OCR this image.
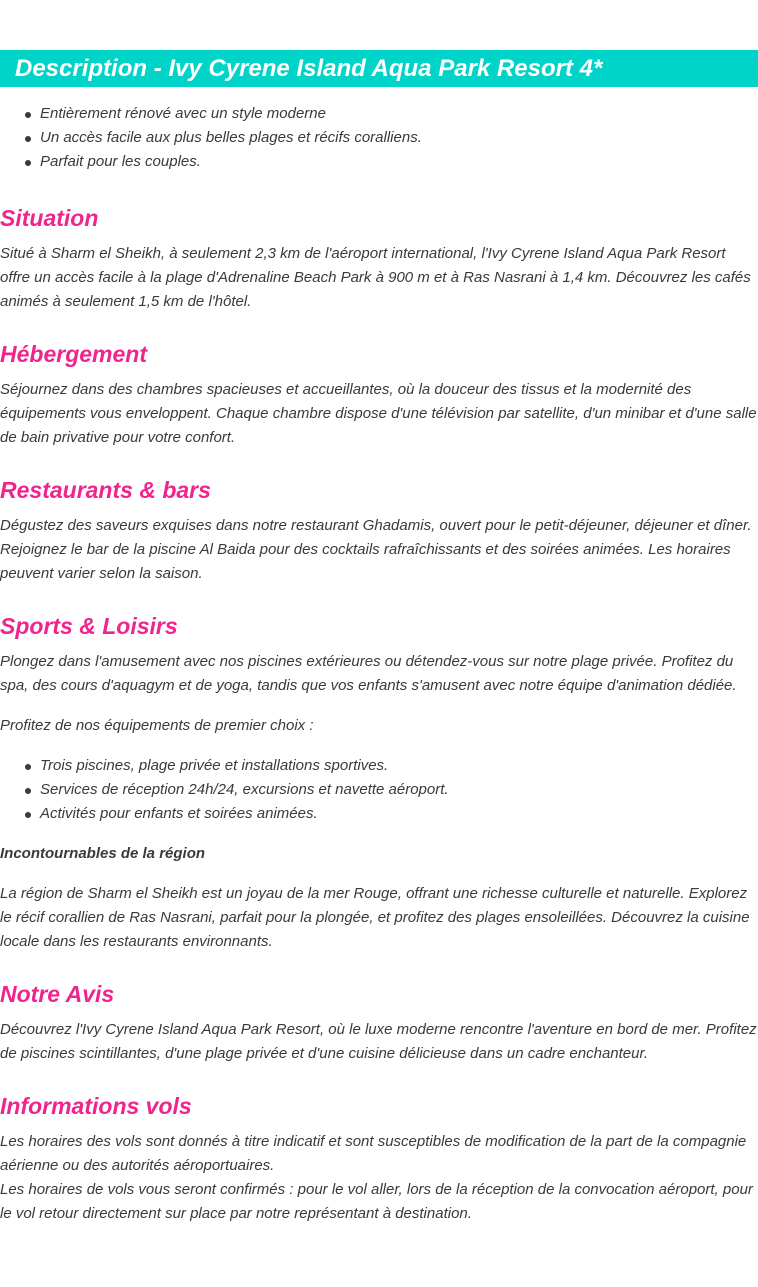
Description - Ivy Cyrene Island Aqua Park Resort 4*
Entièrement rénové avec un style moderne
Un accès facile aux plus belles plages et récifs coralliens.
Parfait pour les couples.
Situation

Situé à Sharm el Sheikh, à seulement 2,3 km de l'aéroport international, l'Ivy Cyrene Island Aqua Park Resort offre un accès facile à la plage d'Adrenaline Beach Park à 900 m et à Ras Nasrani à 1,4 km. Découvrez les cafés animés à seulement 1,5 km de l'hôtel.

Hébergement

Séjournez dans des chambres spacieuses et accueillantes, où la douceur des tissus et la modernité des équipements vous enveloppent. Chaque chambre dispose d'une télévision par satellite, d'un minibar et d'une salle de bain privative pour votre confort.

Restaurants & bars

Dégustez des saveurs exquises dans notre restaurant Ghadamis, ouvert pour le petit-déjeuner, déjeuner et dîner. Rejoignez le bar de la piscine Al Baida pour des cocktails rafraîchissants et des soirées animées. Les horaires peuvent varier selon la saison.

Sports & Loisirs

Plongez dans l'amusement avec nos piscines extérieures ou détendez-vous sur notre plage privée. Profitez du spa, des cours d'aquagym et de yoga, tandis que vos enfants s'amusent avec notre équipe d'animation dédiée.

Profitez de nos équipements de premier choix :

Trois piscines, plage privée et installations sportives.
Services de réception 24h/24, excursions et navette aéroport.
Activités pour enfants et soirées animées.

Incontournables de la région

La région de Sharm el Sheikh est un joyau de la mer Rouge, offrant une richesse culturelle et naturelle. Explorez le récif corallien de Ras Nasrani, parfait pour la plongée, et profitez des plages ensoleillées. Découvrez la cuisine locale dans les restaurants environnants.

Notre Avis

Découvrez l'Ivy Cyrene Island Aqua Park Resort, où le luxe moderne rencontre l'aventure en bord de mer. Profitez de piscines scintillantes, d'une plage privée et d'une cuisine délicieuse dans un cadre enchanteur.

Informations vols

Les horaires des vols sont donnés à titre indicatif et sont susceptibles de modification de la part de la compagnie aérienne ou des autorités aéroportuaires.

Les horaires de vols vous seront confirmés : pour le vol aller, lors de la réception de la convocation aéroport, pour le vol retour directement sur place par notre représentant à destination.
